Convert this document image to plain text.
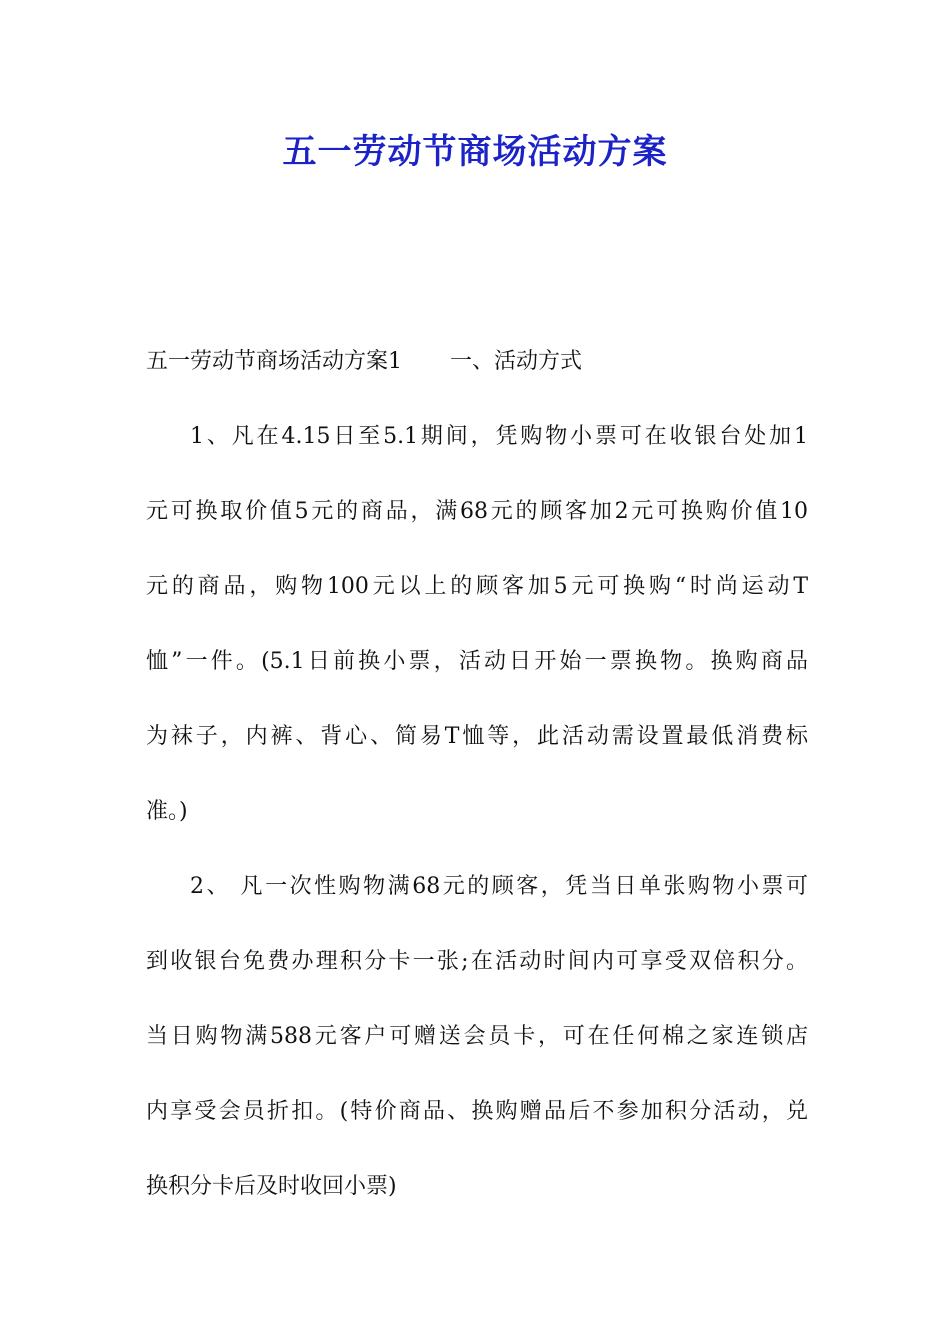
五一劳动节商场活动方案
五一劳动节商场活动方案1 一、活动方式
1、凡在4.15日至5.1期间，凭购物小票可在收银台处加1
元可换取价值5元的商品，满68元的顾客加2元可换购价值10
元的商品，购物100元以上的顾客加5元可换购“时尚运动T
恤”一件。(5.1日前换小票，活动日开始一票换物。换购商品
为袜子，内裤、背心、简易T恤等，此活动需设置最低消费标
准。)
2、 凡一次性购物满68元的顾客，凭当日单张购物小票可
到收银台免费办理积分卡一张;在活动时间内可享受双倍积分。
当日购物满588元客户可赠送会员卡，可在任何棉之家连锁店
内享受会员折扣。(特价商品、换购赠品后不参加积分活动，兑
换积分卡后及时收回小票)
